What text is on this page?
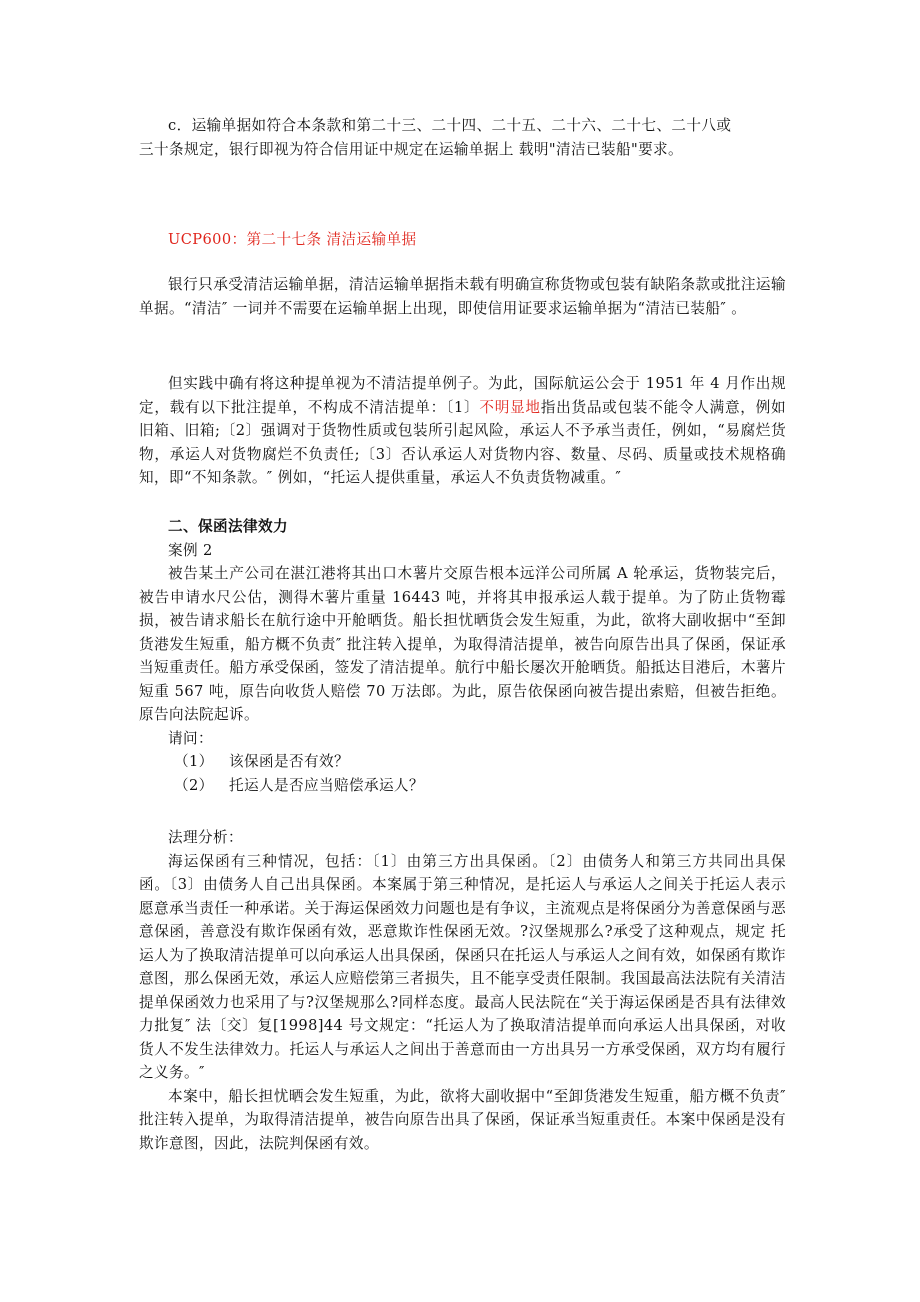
c．运输单据如符合本条款和第二十三、二十四、二十五、二十六、二十七、二十八或

三十条规定，银行即视为符合信用证中规定在运输单据上 载明"清洁已装船"要求。

UCP600：第二十七条 清洁运输单据

银行只承受清洁运输单据，清洁运输单据指未载有明确宣称货物或包装有缺陷条款或批注运输单据。“清洁″ 一词并不需要在运输单据上出现，即使信用证要求运输单据为“清洁已装船″ 。

但实践中确有将这种提单视为不清洁提单例子。为此，国际航运公会于 1951 年 4 月作出规定，载有以下批注提单，不构成不清洁提单：〔1〕不明显地指出货品或包装不能令人满意，例如旧箱、旧箱;〔2〕强调对于货物性质或包装所引起风险，承运人不予承当责任，例如，“易腐烂货物，承运人对货物腐烂不负责任;〔3〕否认承运人对货物内容、数量、尽码、质量或技术规格确知，即“不知条款。″ 例如，“托运人提供重量，承运人不负责货物减重。″

二、保函法律效力

案例 2

被告某土产公司在湛江港将其出口木薯片交原告根本远洋公司所属 A 轮承运，货物装完后，被告申请水尺公估，测得木薯片重量 16443 吨，并将其申报承运人载于提单。为了防止货物霉损，被告请求船长在航行途中开舱晒货。船长担忧晒货会发生短重，为此，欲将大副收据中“至卸货港发生短重，船方概不负责″ 批注转入提单，为取得清洁提单，被告向原告出具了保函，保证承当短重责任。船方承受保函，签发了清洁提单。航行中船长屡次开舱晒货。船抵达目港后，木薯片短重 567 吨，原告向收货人赔偿 70 万法郎。为此，原告依保函向被告提出索赔，但被告拒绝。原告向法院起诉。

请问：

（1） 该保函是否有效？

（2） 托运人是否应当赔偿承运人？

法理分析：

海运保函有三种情况，包括：〔1〕由第三方出具保函。〔2〕由债务人和第三方共同出具保函。〔3〕由债务人自己出具保函。本案属于第三种情况，是托运人与承运人之间关于托运人表示愿意承当责任一种承诺。关于海运保函效力问题也是有争议，主流观点是将保函分为善意保函与恶意保函，善意没有欺诈保函有效，恶意欺诈性保函无效。?汉堡规那么?承受了这种观点，规定 托运人为了换取清洁提单可以向承运人出具保函，保函只在托运人与承运人之间有效，如保函有欺诈意图，那么保函无效，承运人应赔偿第三者损失，且不能享受责任限制。我国最高法法院有关清洁提单保函效力也采用了与?汉堡规那么?同样态度。最高人民法院在“关于海运保函是否具有法律效力批复″ 法〔交〕复[1998]44 号文规定：“托运人为了换取清洁提单而向承运人出具保函，对收货人不发生法律效力。托运人与承运人之间出于善意而由一方出具另一方承受保函，双方均有履行之义务。″

本案中，船长担忧晒会发生短重，为此，欲将大副收据中“至卸货港发生短重，船方概不负责″ 批注转入提单，为取得清洁提单，被告向原告出具了保函，保证承当短重责任。本案中保函是没有欺诈意图，因此，法院判保函有效。
